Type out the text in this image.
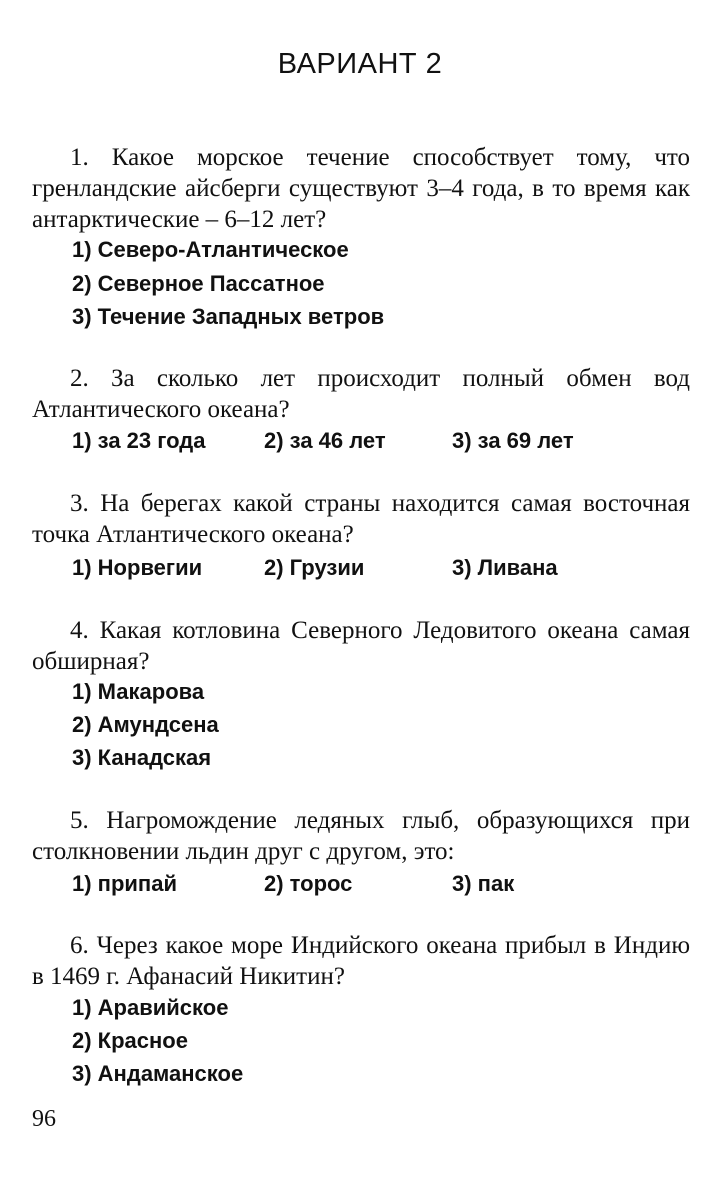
ВАРИАНТ 2

1. Какое морское течение способствует тому, что гренландские айсберги существуют 3–4 года, в то время как антарктические – 6–12 лет?

1) Северо-Атлантическое
2) Северное Пассатное
3) Течение Западных ветров

2. За сколько лет происходит полный обмен вод Атлантического океана?

1) за 23 года	2) за 46 лет	3) за 69 лет

3. На берегах какой страны находится самая восточная точка Атлантического океана?

1) Норвегии	2) Грузии	3) Ливана

4. Какая котловина Северного Ледовитого океана самая обширная?

1) Макарова
2) Амундсена
3) Канадская

5. Нагромождение ледяных глыб, образующихся при столкновении льдин друг с другом, это:

1) припай	2) торос	3) пак

6. Через какое море Индийского океана прибыл в Индию в 1469 г. Афанасий Никитин?

1) Аравийское
2) Красное
3) Андаманское
96
